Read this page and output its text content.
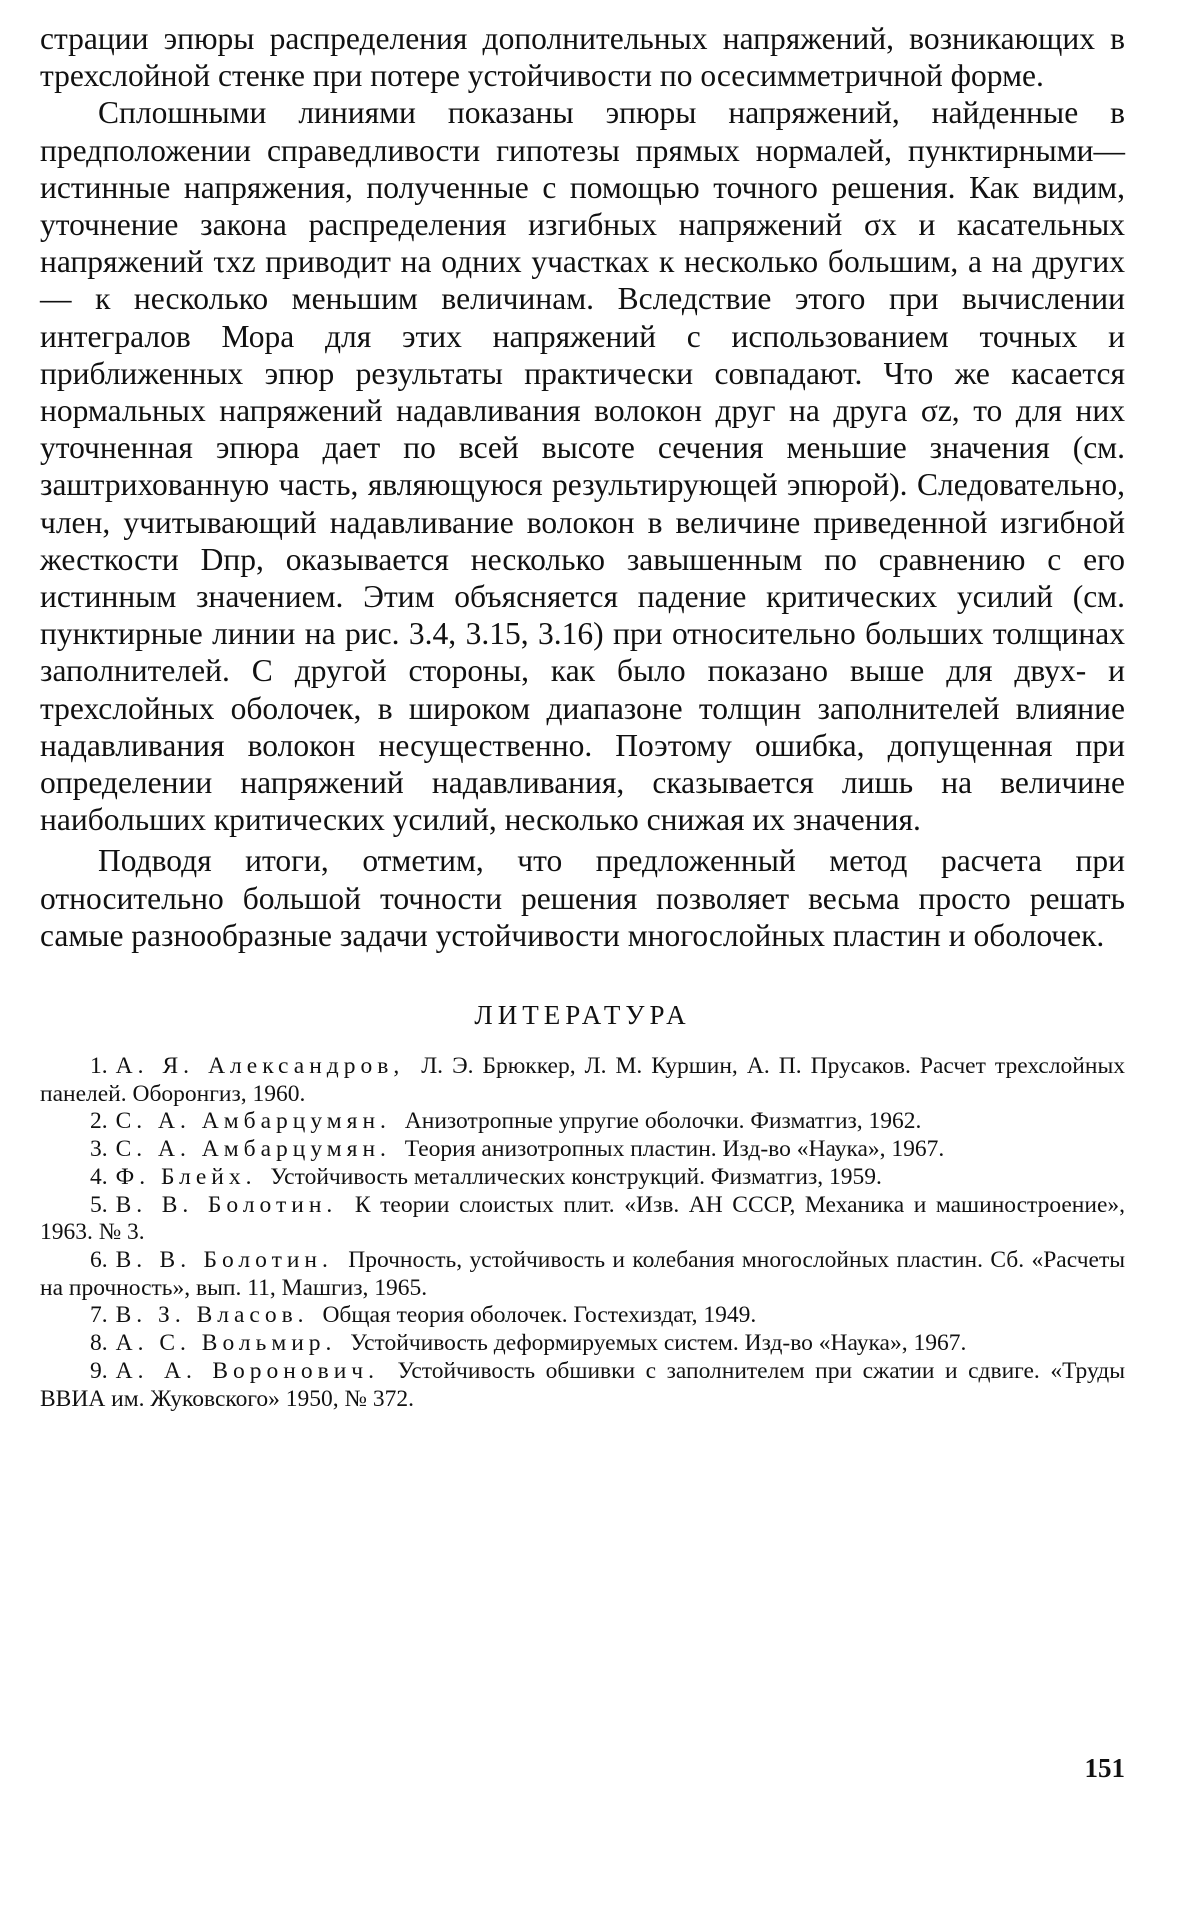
страции эпюры распределения дополнительных напряжений, возникающих в трехслойной стенке при потере устойчивости по осесимметричной форме.

Сплошными линиями показаны эпюры напряжений, найденные в предположении справедливости гипотезы прямых нормалей, пунктирными—истинные напряжения, полученные с помощью точного решения. Как видим, уточнение закона распределения изгибных напряжений σx и касательных напряжений τxz приводит на одних участках к несколько большим, а на других — к несколько меньшим величинам. Вследствие этого при вычислении интегралов Мора для этих напряжений с использованием точных и приближенных эпюр результаты практически совпадают. Что же касается нормальных напряжений надавливания волокон друг на друга σz, то для них уточненная эпюра дает по всей высоте сечения меньшие значения (см. заштрихованную часть, являющуюся результирующей эпюрой). Следовательно, член, учитывающий надавливание волокон в величине приведенной изгибной жесткости Dпр, оказывается несколько завышенным по сравнению с его истинным значением. Этим объясняется падение критических усилий (см. пунктирные линии на рис. 3.4, 3.15, 3.16) при относительно больших толщинах заполнителей. С другой стороны, как было показано выше для двух- и трехслойных оболочек, в широком диапазоне толщин заполнителей влияние надавливания волокон несущественно. Поэтому ошибка, допущенная при определении напряжений надавливания, сказывается лишь на величине наибольших критических усилий, несколько снижая их значения.

Подводя итоги, отметим, что предложенный метод расчета при относительно большой точности решения позволяет весьма просто решать самые разнообразные задачи устойчивости многослойных пластин и оболочек.

ЛИТЕРАТУРА

1. А. Я. Александров, Л. Э. Брюккер, Л. М. Куршин, А. П. Прусаков. Расчет трехслойных панелей. Оборонгиз, 1960.

2. С. А. Амбарцумян. Анизотропные упругие оболочки. Физматгиз, 1962.

3. С. А. Амбарцумян. Теория анизотропных пластин. Изд-во «Наука», 1967.

4. Ф. Блейх. Устойчивость металлических конструкций. Физматгиз, 1959.

5. В. В. Болотин. К теории слоистых плит. «Изв. АН СССР, Механика и машиностроение», 1963. № 3.

6. В. В. Болотин. Прочность, устойчивость и колебания многослойных пластин. Сб. «Расчеты на прочность», вып. 11, Машгиз, 1965.

7. В. З. Власов. Общая теория оболочек. Гостехиздат, 1949.

8. А. С. Вольмир. Устойчивость деформируемых систем. Изд-во «Наука», 1967.

9. А. А. Воронович. Устойчивость обшивки с заполнителем при сжатии и сдвиге. «Труды ВВИА им. Жуковского» 1950, № 372.

151
